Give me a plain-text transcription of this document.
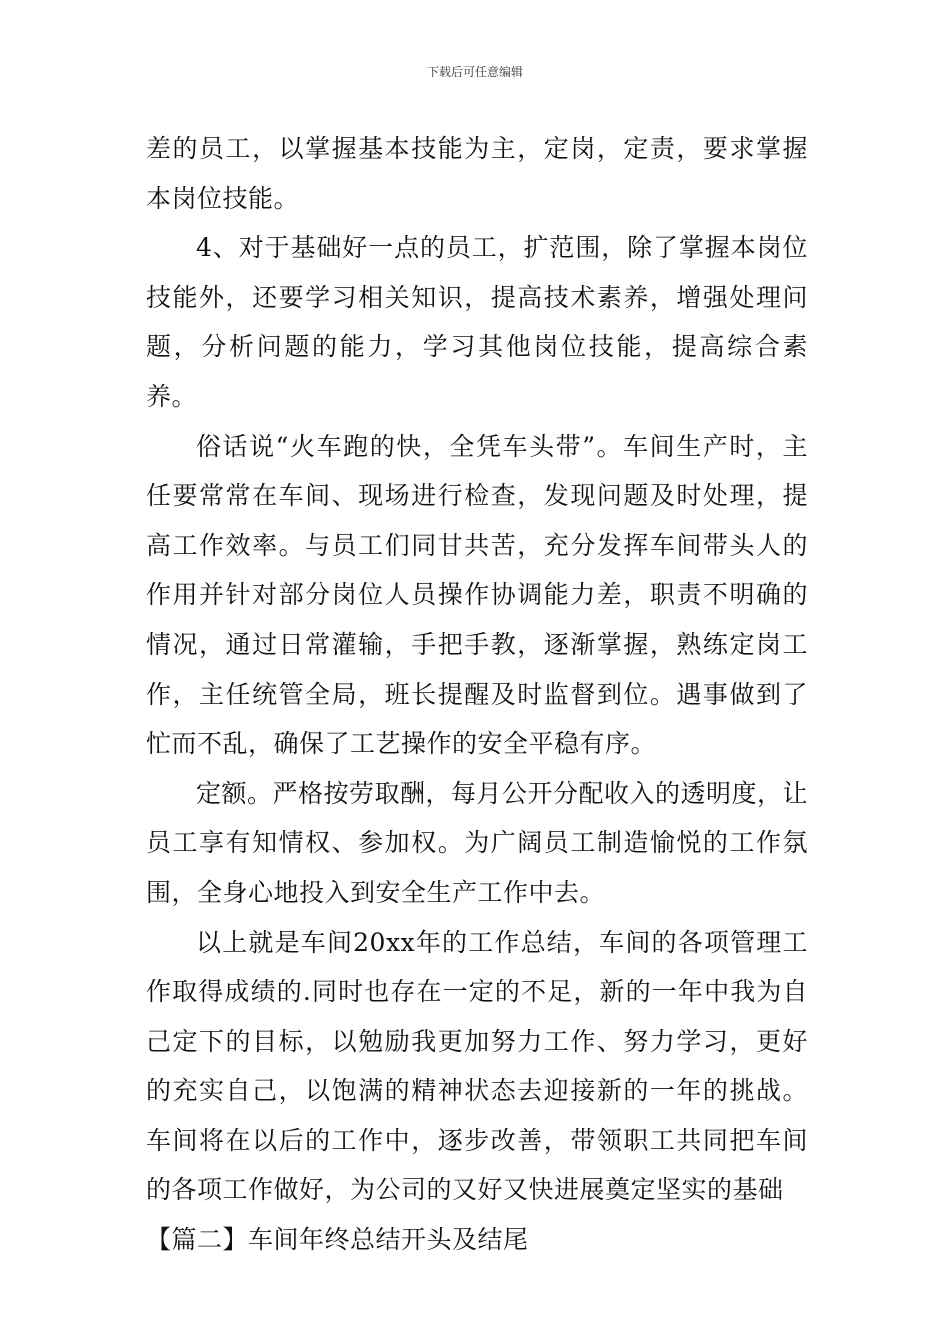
下载后可任意编辑

差的员工，以掌握基本技能为主，定岗，定责，要求掌握本岗位技能。

4、对于基础好一点的员工，扩范围，除了掌握本岗位技能外，还要学习相关知识，提高技术素养，增强处理问题，分析问题的能力，学习其他岗位技能，提高综合素养。

俗话说“火车跑的快，全凭车头带”。车间生产时，主任要常常在车间、现场进行检查，发现问题及时处理，提高工作效率。与员工们同甘共苦，充分发挥车间带头人的作用并针对部分岗位人员操作协调能力差，职责不明确的情况，通过日常灌输，手把手教，逐渐掌握，熟练定岗工作，主任统管全局，班长提醒及时监督到位。遇事做到了忙而不乱，确保了工艺操作的安全平稳有序。

定额。严格按劳取酬，每月公开分配收入的透明度，让员工享有知情权、参加权。为广阔员工制造愉悦的工作氛围，全身心地投入到安全生产工作中去。

以上就是车间20xx年的工作总结，车间的各项管理工作取得成绩的.同时也存在一定的不足，新的一年中我为自己定下的目标，以勉励我更加努力工作、努力学习，更好的充实自己，以饱满的精神状态去迎接新的一年的挑战。车间将在以后的工作中，逐步改善，带领职工共同把车间的各项工作做好，为公司的又好又快进展奠定坚实的基础

【篇二】车间年终总结开头及结尾
